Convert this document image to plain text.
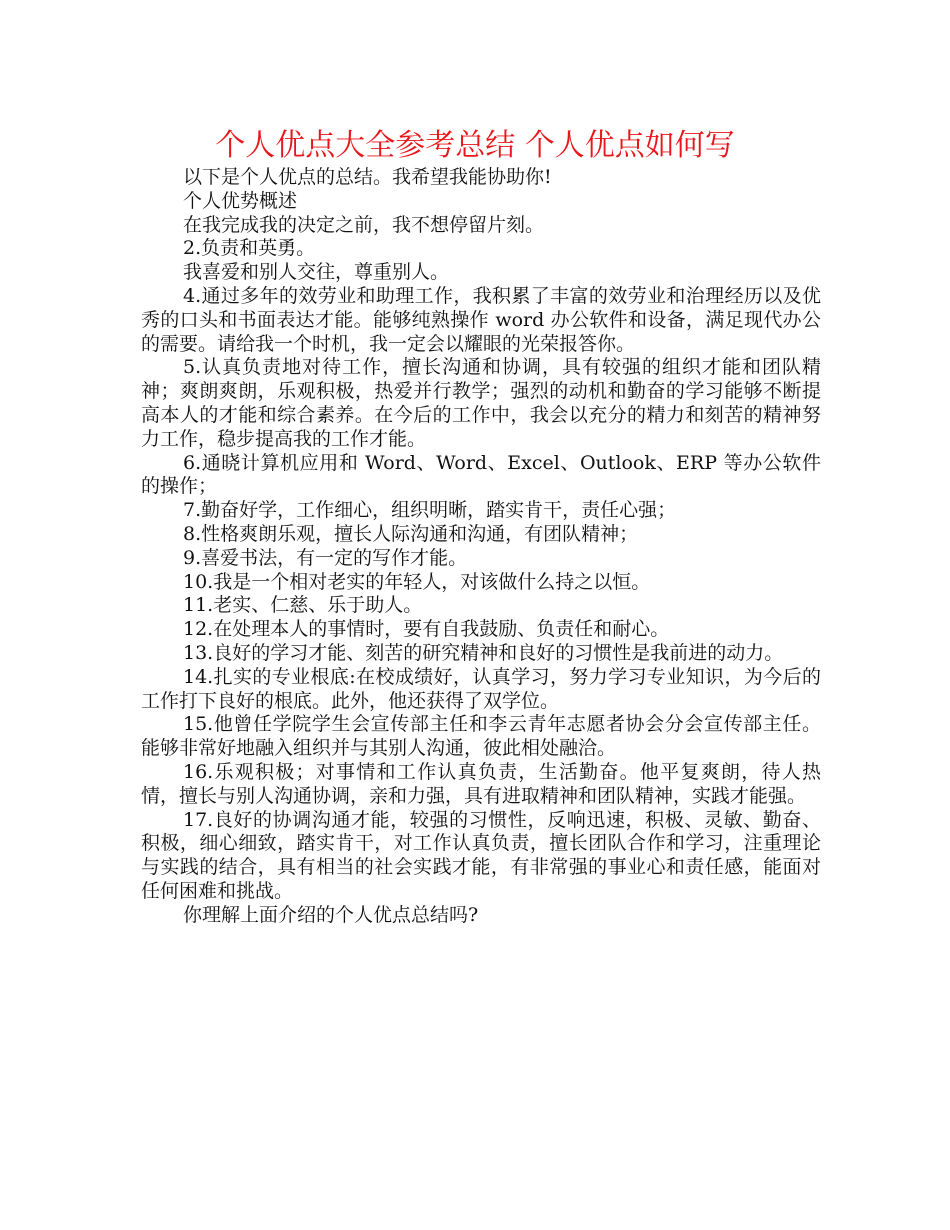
个人优点大全参考总结 个人优点如何写

以下是个人优点的总结。我希望我能协助你!

个人优势概述

在我完成我的决定之前，我不想停留片刻。

2.负责和英勇。

我喜爱和别人交往，尊重别人。

4.通过多年的效劳业和助理工作，我积累了丰富的效劳业和治理经历以及优秀的口头和书面表达才能。能够纯熟操作 word 办公软件和设备，满足现代办公的需要。请给我一个时机，我一定会以耀眼的光荣报答你。

5.认真负责地对待工作，擅长沟通和协调，具有较强的组织才能和团队精神；爽朗爽朗，乐观积极，热爱并行教学；强烈的动机和勤奋的学习能够不断提高本人的才能和综合素养。在今后的工作中，我会以充分的精力和刻苦的精神努力工作，稳步提高我的工作才能。

6.通晓计算机应用和 Word、Word、Excel、Outlook、ERP 等办公软件的操作；

7.勤奋好学，工作细心，组织明晰，踏实肯干，责任心强；

8.性格爽朗乐观，擅长人际沟通和沟通，有团队精神；

9.喜爱书法，有一定的写作才能。

10.我是一个相对老实的年轻人，对该做什么持之以恒。

11.老实、仁慈、乐于助人。

12.在处理本人的事情时，要有自我鼓励、负责任和耐心。

13.良好的学习才能、刻苦的研究精神和良好的习惯性是我前进的动力。

14.扎实的专业根底:在校成绩好，认真学习，努力学习专业知识，为今后的工作打下良好的根底。此外，他还获得了双学位。

15.他曾任学院学生会宣传部主任和李云青年志愿者协会分会宣传部主任。能够非常好地融入组织并与其别人沟通，彼此相处融洽。

16.乐观积极；对事情和工作认真负责，生活勤奋。他平复爽朗，待人热情，擅长与别人沟通协调，亲和力强，具有进取精神和团队精神，实践才能强。

17.良好的协调沟通才能，较强的习惯性，反响迅速，积极、灵敏、勤奋、积极，细心细致，踏实肯干，对工作认真负责，擅长团队合作和学习，注重理论与实践的结合，具有相当的社会实践才能，有非常强的事业心和责任感，能面对任何困难和挑战。

你理解上面介绍的个人优点总结吗?
